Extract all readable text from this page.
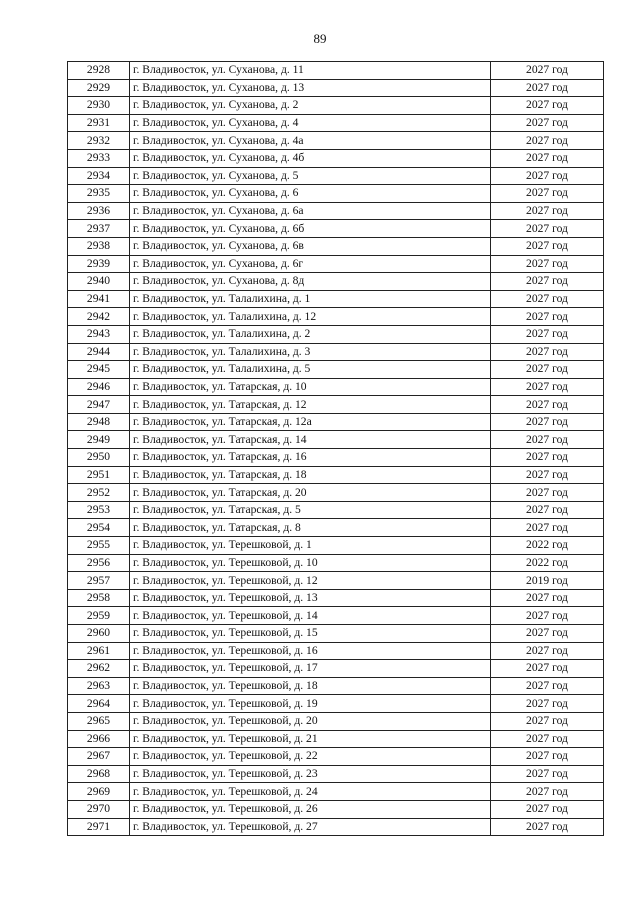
89
2928	г. Владивосток, ул. Суханова, д. 11	2027 год
2929	г. Владивосток, ул. Суханова, д. 13	2027 год
2930	г. Владивосток, ул. Суханова, д. 2	2027 год
2931	г. Владивосток, ул. Суханова, д. 4	2027 год
2932	г. Владивосток, ул. Суханова, д. 4а	2027 год
2933	г. Владивосток, ул. Суханова, д. 4б	2027 год
2934	г. Владивосток, ул. Суханова, д. 5	2027 год
2935	г. Владивосток, ул. Суханова, д. 6	2027 год
2936	г. Владивосток, ул. Суханова, д. 6а	2027 год
2937	г. Владивосток, ул. Суханова, д. 6б	2027 год
2938	г. Владивосток, ул. Суханова, д. 6в	2027 год
2939	г. Владивосток, ул. Суханова, д. 6г	2027 год
2940	г. Владивосток, ул. Суханова, д. 8д	2027 год
2941	г. Владивосток, ул. Талалихина, д. 1	2027 год
2942	г. Владивосток, ул. Талалихина, д. 12	2027 год
2943	г. Владивосток, ул. Талалихина, д. 2	2027 год
2944	г. Владивосток, ул. Талалихина, д. 3	2027 год
2945	г. Владивосток, ул. Талалихина, д. 5	2027 год
2946	г. Владивосток, ул. Татарская, д. 10	2027 год
2947	г. Владивосток, ул. Татарская, д. 12	2027 год
2948	г. Владивосток, ул. Татарская, д. 12а	2027 год
2949	г. Владивосток, ул. Татарская, д. 14	2027 год
2950	г. Владивосток, ул. Татарская, д. 16	2027 год
2951	г. Владивосток, ул. Татарская, д. 18	2027 год
2952	г. Владивосток, ул. Татарская, д. 20	2027 год
2953	г. Владивосток, ул. Татарская, д. 5	2027 год
2954	г. Владивосток, ул. Татарская, д. 8	2027 год
2955	г. Владивосток, ул. Терешковой, д. 1	2022 год
2956	г. Владивосток, ул. Терешковой, д. 10	2022 год
2957	г. Владивосток, ул. Терешковой, д. 12	2019 год
2958	г. Владивосток, ул. Терешковой, д. 13	2027 год
2959	г. Владивосток, ул. Терешковой, д. 14	2027 год
2960	г. Владивосток, ул. Терешковой, д. 15	2027 год
2961	г. Владивосток, ул. Терешковой, д. 16	2027 год
2962	г. Владивосток, ул. Терешковой, д. 17	2027 год
2963	г. Владивосток, ул. Терешковой, д. 18	2027 год
2964	г. Владивосток, ул. Терешковой, д. 19	2027 год
2965	г. Владивосток, ул. Терешковой, д. 20	2027 год
2966	г. Владивосток, ул. Терешковой, д. 21	2027 год
2967	г. Владивосток, ул. Терешковой, д. 22	2027 год
2968	г. Владивосток, ул. Терешковой, д. 23	2027 год
2969	г. Владивосток, ул. Терешковой, д. 24	2027 год
2970	г. Владивосток, ул. Терешковой, д. 26	2027 год
2971	г. Владивосток, ул. Терешковой, д. 27	2027 год
